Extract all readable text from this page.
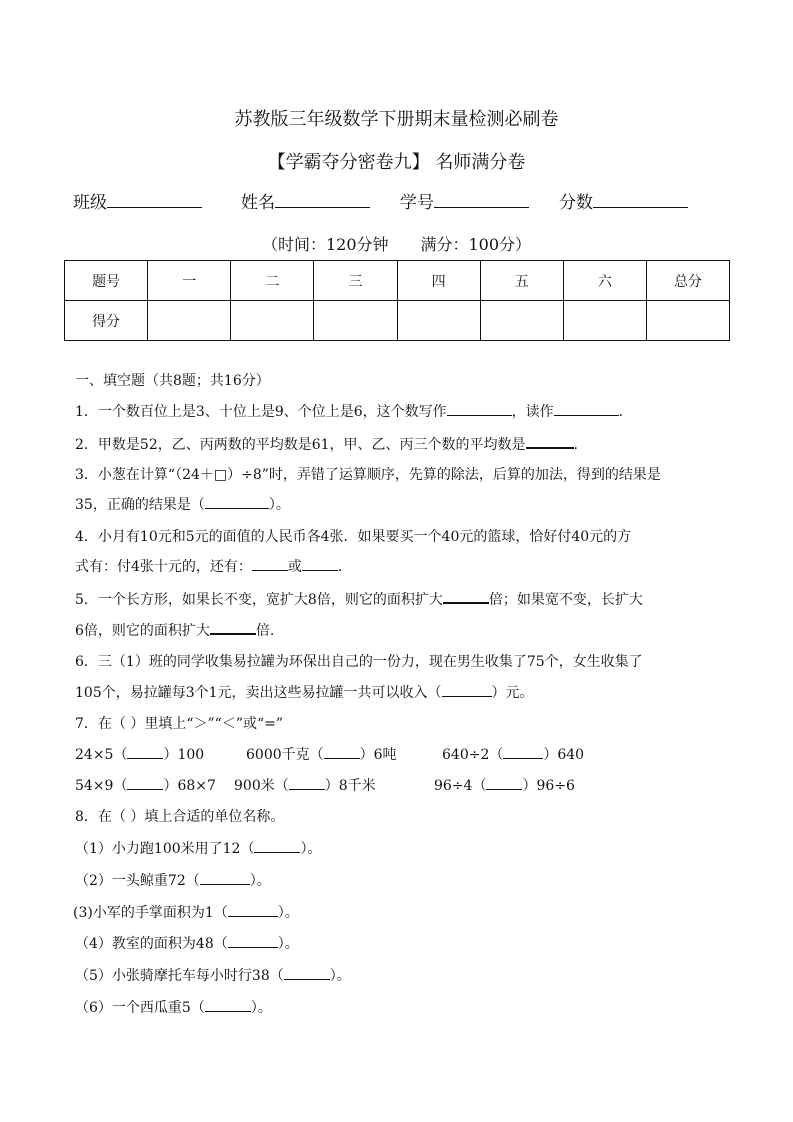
苏教版三年级数学下册期末量检测必刷卷
【学霸夺分密卷九】 名师满分卷
班级	姓名	学号	分数
（时间：120分钟　　满分：100分）
题号	一	二	三	四	五	六	总分
得分							
一、填空题（共8题；共16分）
1．一个数百位上是3、十位上是9、个位上是6，这个数写作	，读作	.
2．甲数是52，乙、丙两数的平均数是61，甲、乙、丙三个数的平均数是	.
3．小葱在计算“（24＋□）÷8”时，弄错了运算顺序，先算的除法，后算的加法，得到的结果是
35，正确的结果是（	）。
4．小月有10元和5元的面值的人民币各4张．如果要买一个40元的篮球，恰好付40元的方
式有：付4张十元的，还有：	或	.
5．一个长方形，如果长不变，宽扩大8倍，则它的面积扩大	倍；如果宽不变，长扩大
6倍，则它的面积扩大	倍.
6．三（1）班的同学收集易拉罐为环保出自己的一份力，现在男生收集了75个，女生收集了
105个，易拉罐每3个1元，卖出这些易拉罐一共可以收入（	）元。
7．在（ ）里填上“＞”“＜”或“=”
24×5（	）100	6000千克（	）6吨	640÷2（	）640
54×9（	）68×7 900米（	）8千米	96÷4（	）96÷6
8．在（ ）填上合适的单位名称。
（1）小力跑100米用了12（	）。
（2）一头鲸重72（	）。
(3)小军的手掌面积为1（	）。
（4）教室的面积为48（	）。
（5）小张骑摩托车每小时行38（	）。
（6）一个西瓜重5（	）。
